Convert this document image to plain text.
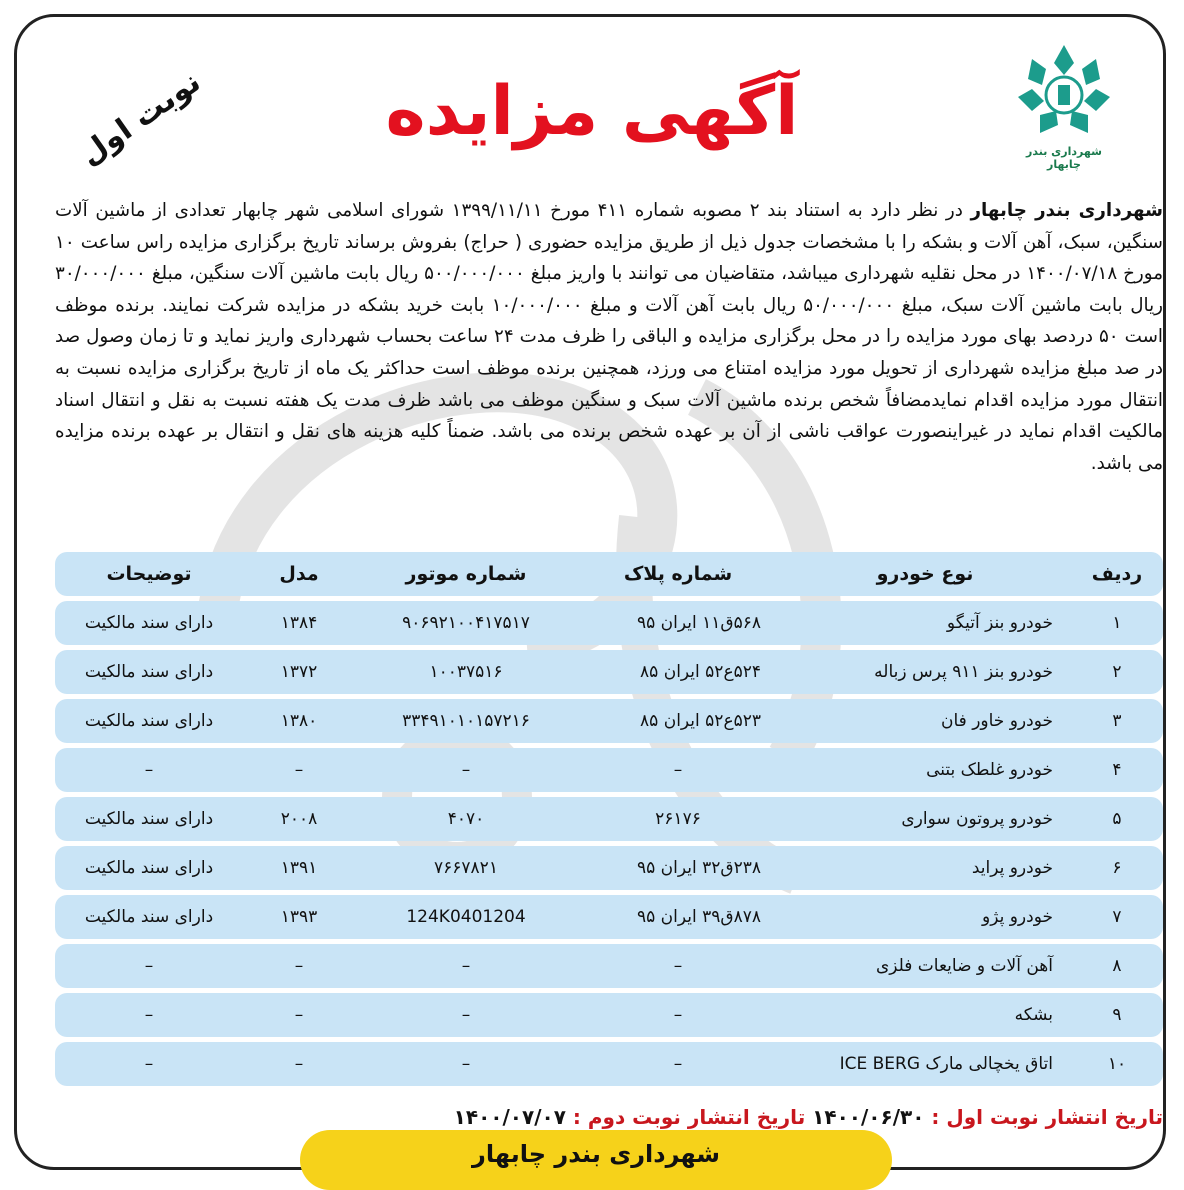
شهرداری بندر چابهار
آگهی مزایده
نوبت اول
شهرداری بندر چابهار در نظر دارد به استناد بند ۲ مصوبه شماره ۴۱۱ مورخ ۱۳۹۹/۱۱/۱۱ شورای اسلامی شهر چابهار تعدادی از ماشین آلات سنگین، سبک، آهن آلات و بشکه را با مشخصات جدول ذیل از طریق مزایده حضوری ( حراج) بفروش برساند تاریخ برگزاری مزایده راس ساعت ۱۰ مورخ ۱۴۰۰/۰۷/۱۸ در محل نقلیه شهرداری میباشد، متقاضیان می توانند با واریز مبلغ ۵۰۰/۰۰۰/۰۰۰ ریال بابت ماشین آلات سنگین، مبلغ ۳۰/۰۰۰/۰۰۰ ریال بابت ماشین آلات سبک، مبلغ ۵۰/۰۰۰/۰۰۰ ریال بابت آهن آلات و مبلغ ۱۰/۰۰۰/۰۰۰ بابت خرید بشکه در مزایده شرکت نمایند. برنده موظف است ۵۰ دردصد بهای مورد مزایده را در محل برگزاری مزایده و الباقی را ظرف مدت ۲۴ ساعت بحساب شهرداری واریز نماید و تا زمان وصول صد در صد مبلغ مزایده شهرداری از تحویل مورد مزایده امتناع می ورزد، همچنین برنده موظف است حداکثر یک ماه از تاریخ برگزاری مزایده نسبت به انتقال مورد مزایده اقدام نمایدمضافاً شخص برنده ماشین آلات سبک و سنگین موظف می باشد ظرف مدت یک هفته نسبت به نقل و انتقال اسناد مالکیت اقدام نماید در غیراینصورت عواقب ناشی از آن بر عهده شخص برنده می باشد. ضمناً کلیه هزینه های نقل و انتقال بر عهده برنده مزایده می باشد.
ردیف	نوع خودرو	شماره پلاک	شماره موتور	مدل	توضیحات
۱	خودرو بنز آتیگو	۵۶۸ق۱۱ ایران ۹۵	۹۰۶۹۲۱۰۰۴۱۷۵۱۷	۱۳۸۴	دارای سند مالکیت
۲	خودرو بنز ۹۱۱ پرس زباله	۵۲۴ع۵۲ ایران ۸۵	۱۰۰۳۷۵۱۶	۱۳۷۲	دارای سند مالکیت
۳	خودرو خاور فان	۵۲۳ع۵۲ ایران ۸۵	۳۳۴۹۱۰۱۰۱۵۷۲۱۶	۱۳۸۰	دارای سند مالکیت
۴	خودرو غلطک بتنی	–	–	–	–
۵	خودرو پروتون سواری	۲۶۱۷۶	۴۰۷۰	۲۰۰۸	دارای سند مالکیت
۶	خودرو پراید	۲۳۸ق۳۲ ایران ۹۵	۷۶۶۷۸۲۱	۱۳۹۱	دارای سند مالکیت
۷	خودرو پژو	۸۷۸ق۳۹ ایران ۹۵	124K0401204	۱۳۹۳	دارای سند مالکیت
۸	آهن آلات و ضایعات فلزی	–	–	–	–
۹	بشکه	–	–	–	–
۱۰	اتاق یخچالی مارک ICE BERG	–	–	–	–
تاریخ انتشار نوبت اول : ۱۴۰۰/۰۶/۳۰ تاریخ انتشار نوبت دوم : ۱۴۰۰/۰۷/۰۷
شهرداری بندر چابهار
